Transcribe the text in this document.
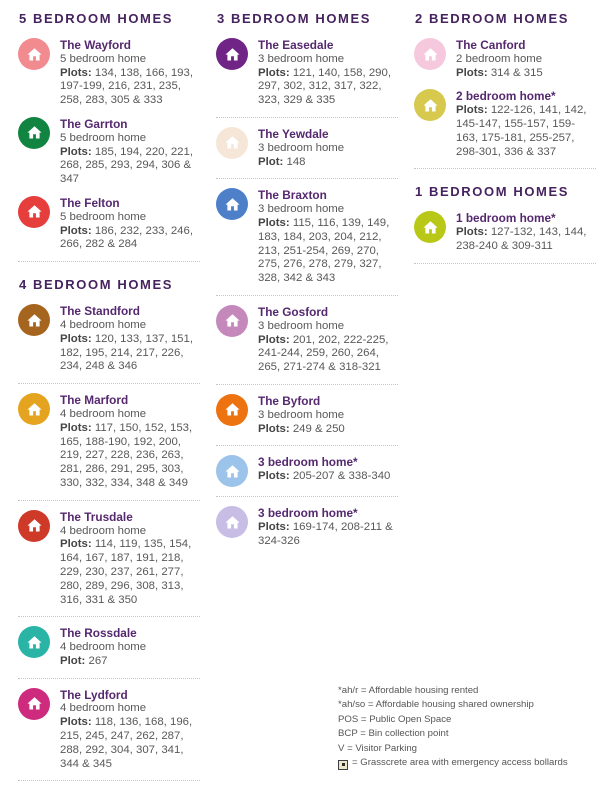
5 BEDROOM HOMES
The Wayford
5 bedroom home
Plots: 134, 138, 166, 193, 197-199, 216, 231, 235, 258, 283, 305 & 333
The Garrton
5 bedroom home
Plots: 185, 194, 220, 221, 268, 285, 293, 294, 306 & 347
The Felton
5 bedroom home
Plots: 186, 232, 233, 246, 266, 282 & 284
4 BEDROOM HOMES
The Standford
4 bedroom home
Plots: 120, 133, 137, 151, 182, 195, 214, 217, 226, 234, 248 & 346
The Marford
4 bedroom home
Plots: 117, 150, 152, 153, 165, 188-190, 192, 200, 219, 227, 228, 236, 263, 281, 286, 291, 295, 303, 330, 332, 334, 348 & 349
The Trusdale
4 bedroom home
Plots: 114, 119, 135, 154, 164, 167, 187, 191, 218, 229, 230, 237, 261, 277, 280, 289, 296, 308, 313, 316, 331 & 350
The Rossdale
4 bedroom home
Plot: 267
The Lydford
4 bedroom home
Plots: 118, 136, 168, 196, 215, 245, 247, 262, 287, 288, 292, 304, 307, 341, 344 & 345
3 BEDROOM HOMES
The Easedale
3 bedroom home
Plots: 121, 140, 158, 290, 297, 302, 312, 317, 322, 323, 329 & 335
The Yewdale
3 bedroom home
Plot: 148
The Braxton
3 bedroom home
Plots: 115, 116, 139, 149, 183, 184, 203, 204, 212, 213, 251-254, 269, 270, 275, 276, 278, 279, 327, 328, 342 & 343
The Gosford
3 bedroom home
Plots: 201, 202, 222-225, 241-244, 259, 260, 264, 265, 271-274 & 318-321
The Byford
3 bedroom home
Plots: 249 & 250
3 bedroom home*
Plots: 205-207 & 338-340
3 bedroom home*
Plots: 169-174, 208-211 & 324-326
2 BEDROOM HOMES
The Canford
2 bedroom home
Plots: 314 & 315
2 bedroom home*
Plots: 122-126, 141, 142, 145-147, 155-157, 159-163, 175-181, 255-257, 298-301, 336 & 337
1 BEDROOM HOMES
1 bedroom home*
Plots: 127-132, 143, 144, 238-240 & 309-311
*ah/r = Affordable housing rented
*ah/so = Affordable housing shared ownership
POS = Public Open Space
BCP = Bin collection point
V = Visitor Parking
= Grasscrete area with emergency access bollards
